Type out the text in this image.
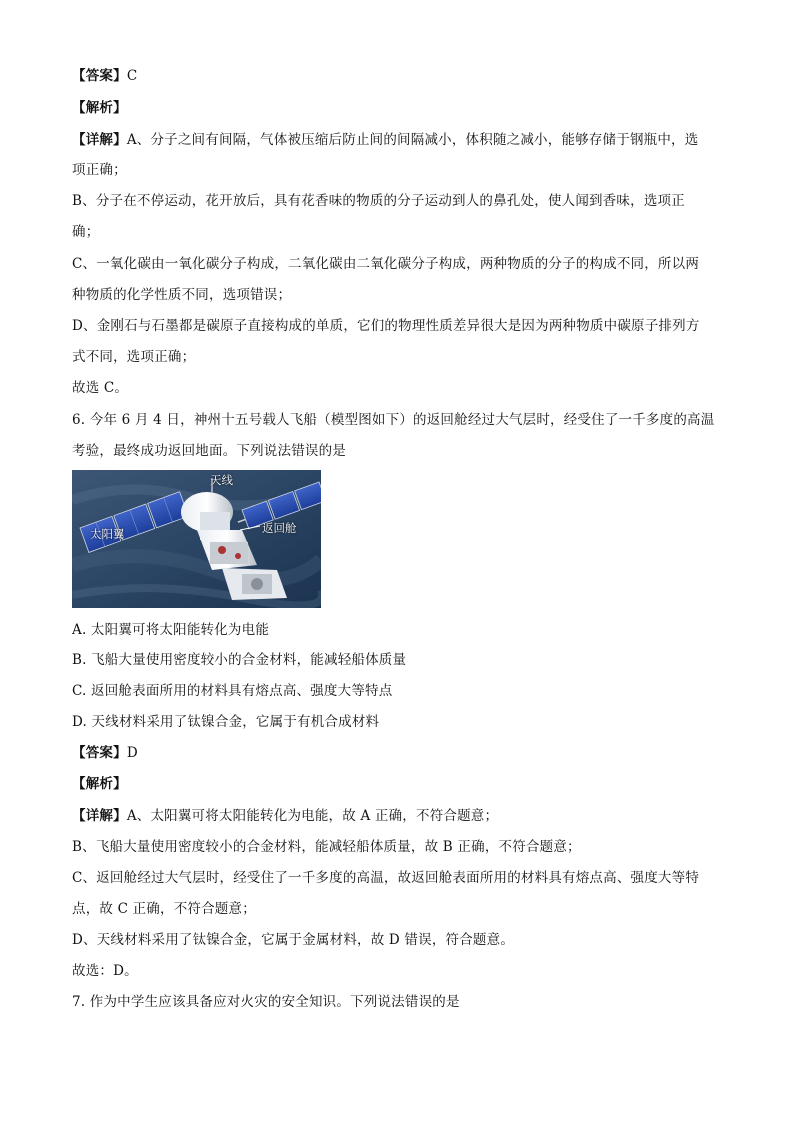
【答案】C
【解析】
【详解】A、分子之间有间隔，气体被压缩后防止间的间隔减小，体积随之减小，能够存储于钢瓶中，选
项正确；
B、分子在不停运动，花开放后，具有花香味的物质的分子运动到人的鼻孔处，使人闻到香味，选项正
确；
C、一氧化碳由一氧化碳分子构成，二氧化碳由二氧化碳分子构成，两种物质的分子的构成不同，所以两
种物质的化学性质不同，选项错误；
D、金刚石与石墨都是碳原子直接构成的单质，它们的物理性质差异很大是因为两种物质中碳原子排列方
式不同，选项正确；
故选 C。
6. 今年 6 月 4 日，神州十五号载人飞船（模型图如下）的返回舱经过大气层时，经受住了一千多度的高温
考验，最终成功返回地面。下列说法错误的是
天线
太阳翼	返回舱
A. 太阳翼可将太阳能转化为电能
B. 飞船大量使用密度较小的合金材料，能减轻船体质量
C. 返回舱表面所用的材料具有熔点高、强度大等特点
D. 天线材料采用了钛镍合金，它属于有机合成材料
【答案】D
【解析】
【详解】A、太阳翼可将太阳能转化为电能，故 A 正确，不符合题意；
B、飞船大量使用密度较小的合金材料，能减轻船体质量，故 B 正确，不符合题意；
C、返回舱经过大气层时，经受住了一千多度的高温，故返回舱表面所用的材料具有熔点高、强度大等特
点，故 C 正确，不符合题意；
D、天线材料采用了钛镍合金，它属于金属材料，故 D 错误，符合题意。
故选：D。
7. 作为中学生应该具备应对火灾的安全知识。下列说法错误的是
